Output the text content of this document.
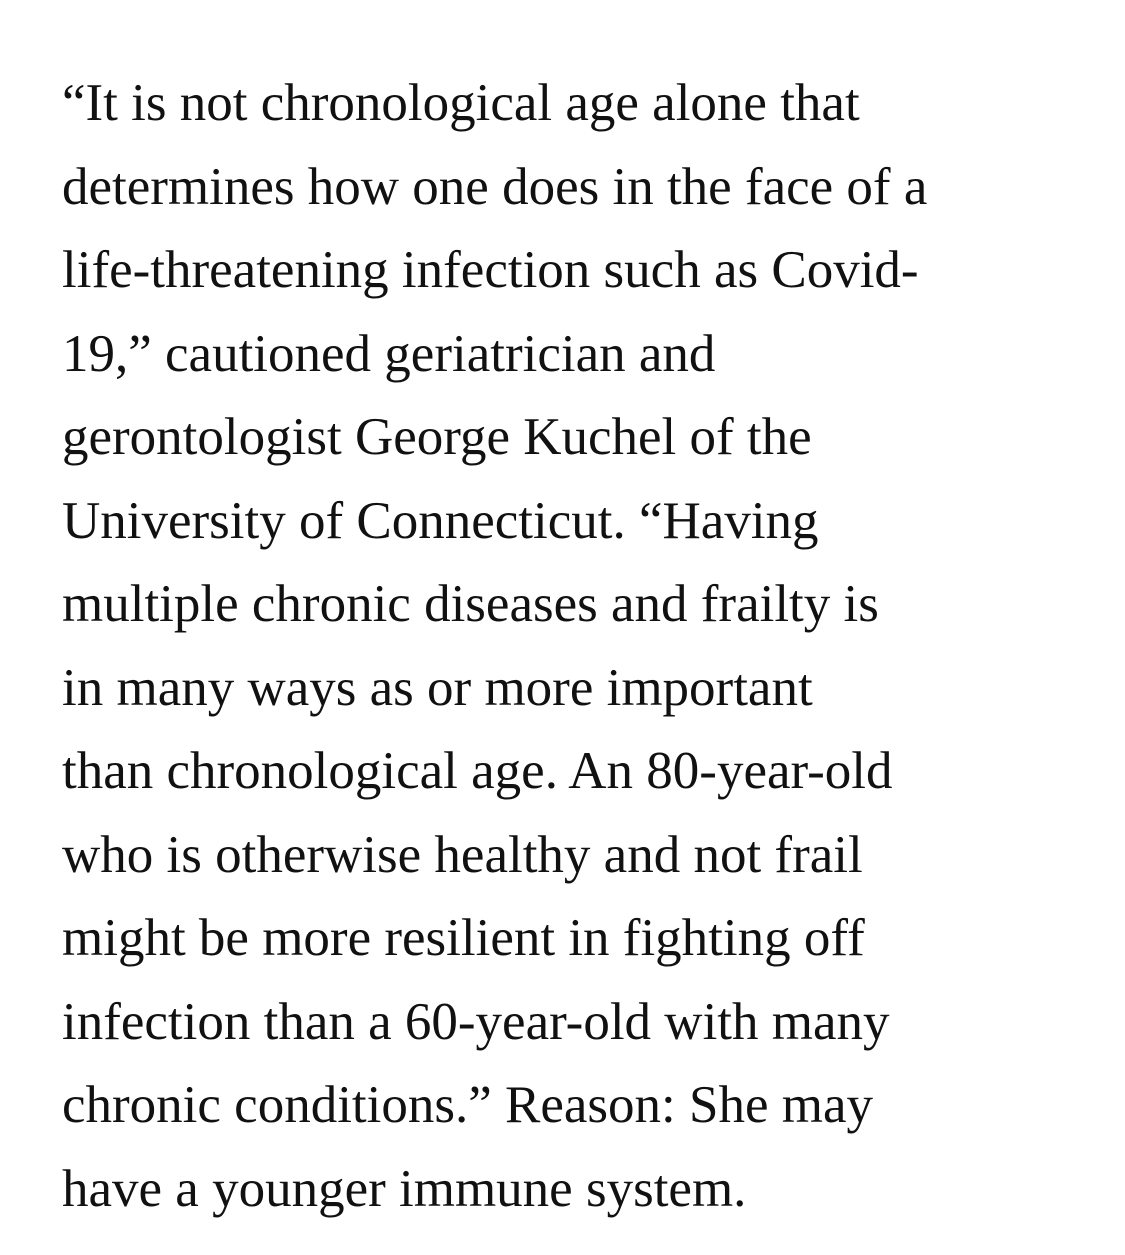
“It is not chronological age alone that
determines how one does in the face of a
life-threatening infection such as Covid-
19,” cautioned geriatrician and
gerontologist George Kuchel of the
University of Connecticut. “Having
multiple chronic diseases and frailty is
in many ways as or more important
than chronological age. An 80-year-old
who is otherwise healthy and not frail
might be more resilient in fighting off
infection than a 60-year-old with many
chronic conditions.” Reason: She may
have a younger immune system.
